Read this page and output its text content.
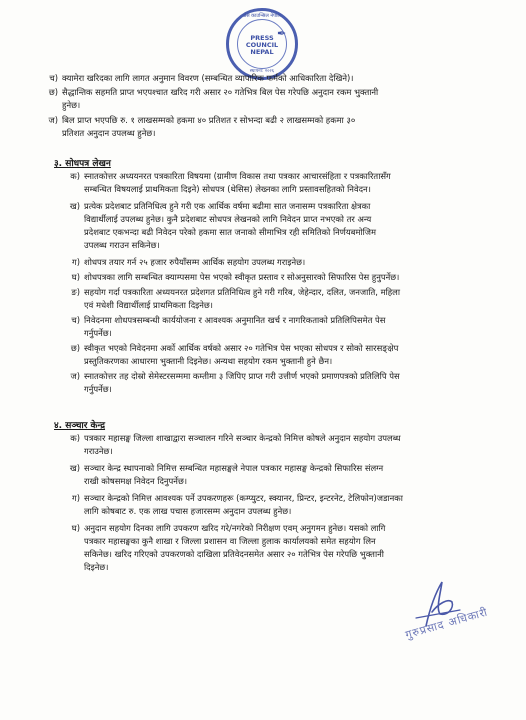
प्रेस काउन्सिल नेपाल
PRESS
COUNCIL
NEPAL
✒
स्थापना: २०२६
च) क्यामेरा खरिदका लागि लागत अनुमान विवरण (सम्बन्धित व्यापारिक फर्मको आधिकारिता देखिने)।
छ) सैद्धान्तिक सहमति प्राप्त भएपश्चात खरिद गरी असार २० गतेभित्र बिल पेस गरेपछि अनुदान रकम भुक्तानी
हुनेछ।
ज) बिल प्राप्त भएपछि रु. १ लाखसम्मको हकमा ४० प्रतिशत र सोभन्दा बढी २ लाखसम्मको हकमा ३०
प्रतिशत अनुदान उपलब्ध हुनेछ।
३. सोधपत्र लेखन
क) स्नातकोत्तर अध्ययनरत पत्रकारिता विषयमा (ग्रामीण विकास तथा पत्रकार आचारसंहिता र पत्रकारितासँग
सम्बन्धित विषयलाई प्राथमिकता दिइने) सोधपत्र (थेसिस) लेख्नका लागि प्रस्तावसहितको निवेदन।
ख) प्रत्येक प्रदेशबाट प्रतिनिधित्व हुने गरी एक आर्थिक वर्षमा बढीमा सात जनासम्म पत्रकारिता क्षेत्रका
विद्यार्थीलाई उपलब्ध हुनेछ। कुनै प्रदेशबाट सोधपत्र लेखनको लागि निवेदन प्राप्त नभएको तर अन्य
प्रदेशबाट एकभन्दा बढी निवेदन परेको हकमा सात जनाको सीमाभित्र रही समितिको निर्णयबमोजिम
उपलब्ध गराउन सकिनेछ।
ग) शोधपत्र तयार गर्न २५ हजार रुपैयाँसम्म आर्थिक सहयोग उपलब्ध गराइनेछ।
घ) शोधपत्रका लागि सम्बन्धित क्याम्पसमा पेस भएको स्वीकृत प्रस्ताव र सोअनुसारको सिफारिस पेस हुनुपर्नेछ।
ङ) सहयोग गर्दा पत्रकारिता अध्ययनरत प्रदेशगत प्रतिनिधित्व हुने गरी गरिब, जेहेन्दार, दलित, जनजाति, महिला
एवं मधेशी विद्यार्थीलाई प्राथमिकता दिइनेछ।
च) निवेदनमा शोधपत्रसम्बन्धी कार्ययोजना र आवश्यक अनुमानित खर्च र नागरिकताको प्रतिलिपिसमेत पेस
गर्नुपर्नेछ।
छ) स्वीकृत भएको निवेदनमा अर्को आर्थिक वर्षको असार २० गतेभित्र पेस भएका सोधपत्र र सोको सारसङ्क्षेप
प्रस्तुतिकरणका आधारमा भुक्तानी दिइनेछ। अन्यथा सहयोग रकम भुक्तानी हुने छैन।
ज) स्नातकोत्तर तह दोस्रो सेमेस्टरसम्ममा कम्तीमा ३ जिपिए प्राप्त गरी उत्तीर्ण भएको प्रमाणपत्रको प्रतिलिपि पेस
गर्नुपर्नेछ।
४. सञ्चार केन्द्र
क) पत्रकार महासङ्घ जिल्ला शाखाद्वारा सञ्चालन गरिने सञ्चार केन्द्रको निमित्त कोषले अनुदान सहयोग उपलब्ध
गराउनेछ।
ख) सञ्चार केन्द्र स्थापनाको निमित्त सम्बन्धित महासङ्घले नेपाल पत्रकार महासङ्घ केन्द्रको सिफारिस संलग्न
राखी कोषसमक्ष निवेदन दिनुपर्नेछ।
ग) सञ्चार केन्द्रको निमित्त आवश्यक पर्ने उपकरणहरू (कम्प्युटर, स्क्यानर, प्रिन्टर, इन्टरनेट, टेलिफोन)जडानका
लागि कोषबाट रु. एक लाख पचास हजारसम्म अनुदान उपलब्ध हुनेछ।
घ) अनुदान सहयोग दिनका लागि उपकरण खरिद गरे/नगरेको निरीक्षण एवम् अनुगमन हुनेछ। यसको लागि
पत्रकार महासङ्घका कुनै शाखा र जिल्ला प्रशासन वा जिल्ला हुलाक कार्यालयको समेत सहयोग लिन
सकिनेछ। खरिद गरिएको उपकरणको दाखिला प्रतिवेदनसमेत असार २० गतेभित्र पेस गरेपछि भुक्तानी
दिइनेछ।
गुरुप्रसाद अधिकारी
